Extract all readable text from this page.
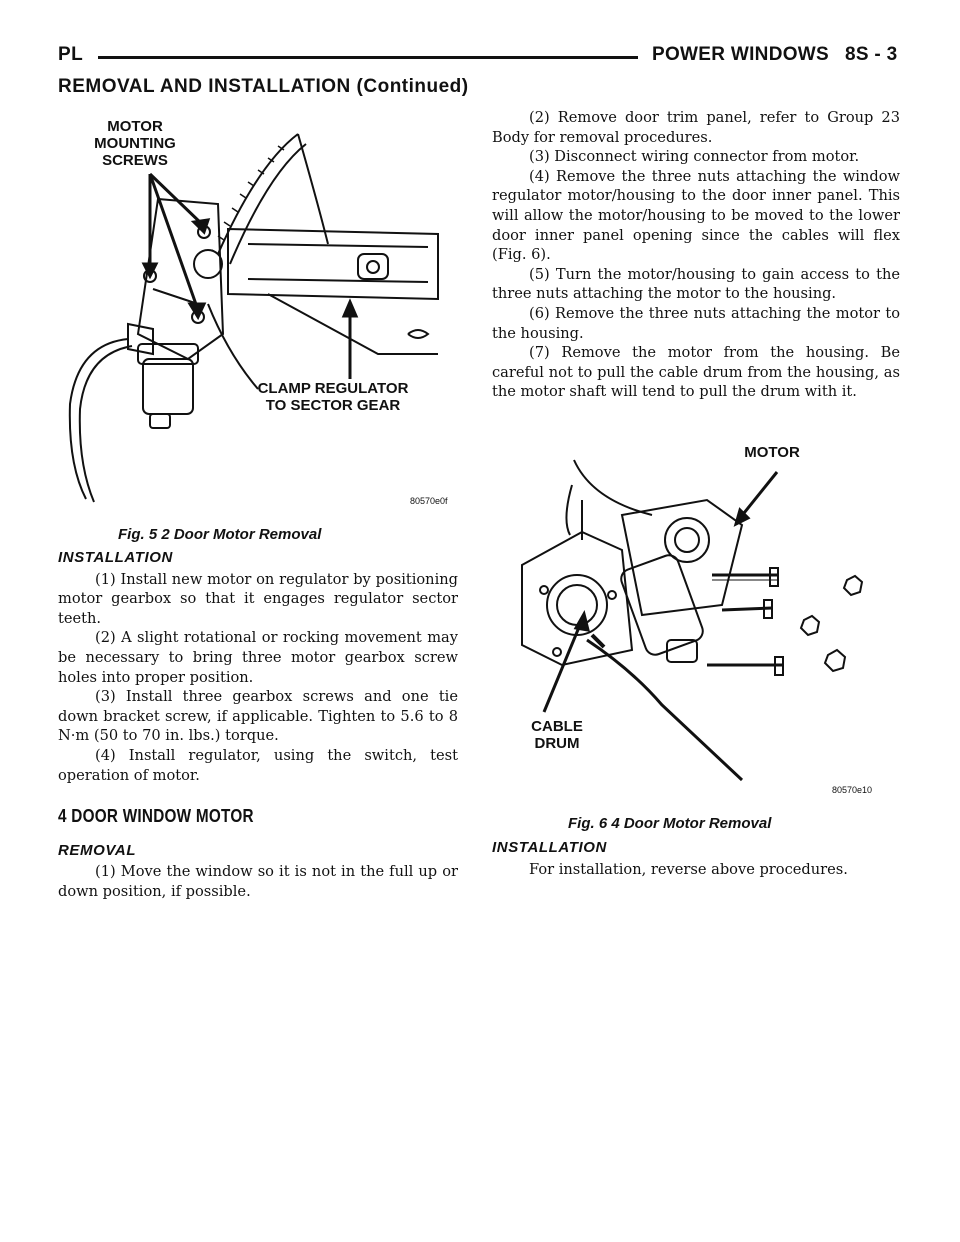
PL	POWER WINDOWS 8S - 3
REMOVAL AND INSTALLATION (Continued)
MOTOR
MOUNTING
SCREWS
CLAMP REGULATOR
TO SECTOR GEAR
80570e0f
Fig. 5 2 Door Motor Removal
INSTALLATION

(1) Install new motor on regulator by positioning motor gearbox so that it engages regulator sector teeth.

(2) A slight rotational or rocking movement may be necessary to bring three motor gearbox screw holes into proper position.

(3) Install three gearbox screws and one tie down bracket screw, if applicable. Tighten to 5.6 to 8 N·m (50 to 70 in. lbs.) torque.

(4) Install regulator, using the switch, test operation of motor.

4 DOOR WINDOW MOTOR
REMOVAL

(1) Move the window so it is not in the full up or down position, if possible.

(2) Remove door trim panel, refer to Group 23 Body for removal procedures.

(3) Disconnect wiring connector from motor.

(4) Remove the three nuts attaching the window regulator motor/housing to the door inner panel. This will allow the motor/housing to be moved to the lower door inner panel opening since the cables will flex (Fig. 6).

(5) Turn the motor/housing to gain access to the three nuts attaching the motor to the housing.

(6) Remove the three nuts attaching the motor to the housing.

(7) Remove the motor from the housing. Be careful not to pull the cable drum from the housing, as the motor shaft will tend to pull the drum with it.

MOTOR
CABLE
DRUM
80570e10
Fig. 6 4 Door Motor Removal
INSTALLATION

For installation, reverse above procedures.
